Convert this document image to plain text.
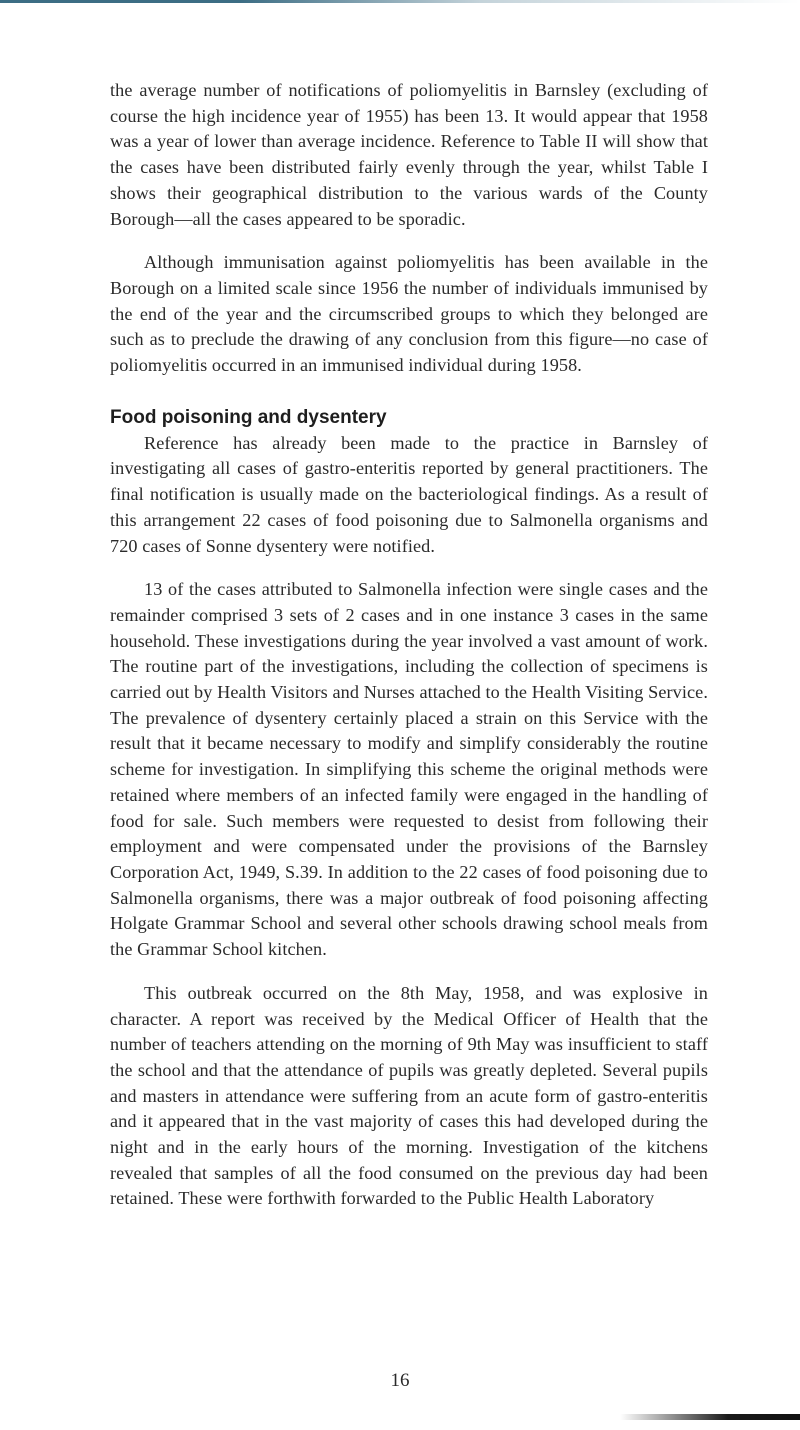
the average number of notifications of poliomyelitis in Barnsley (excluding of course the high incidence year of 1955) has been 13. It would appear that 1958 was a year of lower than average incidence. Reference to Table II will show that the cases have been distributed fairly evenly through the year, whilst Table I shows their geographical distribution to the various wards of the County Borough—all the cases appeared to be sporadic.

Although immunisation against poliomyelitis has been available in the Borough on a limited scale since 1956 the number of individuals immunised by the end of the year and the circumscribed groups to which they belonged are such as to preclude the drawing of any conclusion from this figure—no case of poliomyelitis occurred in an immunised individual during 1958.

Food poisoning and dysentery

Reference has already been made to the practice in Barnsley of investigating all cases of gastro-enteritis reported by general practitioners. The final notification is usually made on the bacteriological findings. As a result of this arrangement 22 cases of food poisoning due to Salmonella organisms and 720 cases of Sonne dysentery were notified.

13 of the cases attributed to Salmonella infection were single cases and the remainder comprised 3 sets of 2 cases and in one instance 3 cases in the same household. These investigations during the year involved a vast amount of work. The routine part of the investigations, including the collection of specimens is carried out by Health Visitors and Nurses attached to the Health Visiting Service. The prevalence of dysentery certainly placed a strain on this Service with the result that it became necessary to modify and simplify considerably the routine scheme for investigation. In simplifying this scheme the original methods were retained where members of an infected family were engaged in the handling of food for sale. Such members were requested to desist from following their employment and were compensated under the provisions of the Barnsley Corporation Act, 1949, S.39. In addition to the 22 cases of food poisoning due to Salmonella organisms, there was a major outbreak of food poisoning affecting Holgate Grammar School and several other schools drawing school meals from the Grammar School kitchen.

This outbreak occurred on the 8th May, 1958, and was explosive in character. A report was received by the Medical Officer of Health that the number of teachers attending on the morning of 9th May was insufficient to staff the school and that the attendance of pupils was greatly depleted. Several pupils and masters in attendance were suffering from an acute form of gastro-enteritis and it appeared that in the vast majority of cases this had developed during the night and in the early hours of the morning. Investigation of the kitchens revealed that samples of all the food consumed on the previous day had been retained. These were forthwith forwarded to the Public Health Laboratory

16
